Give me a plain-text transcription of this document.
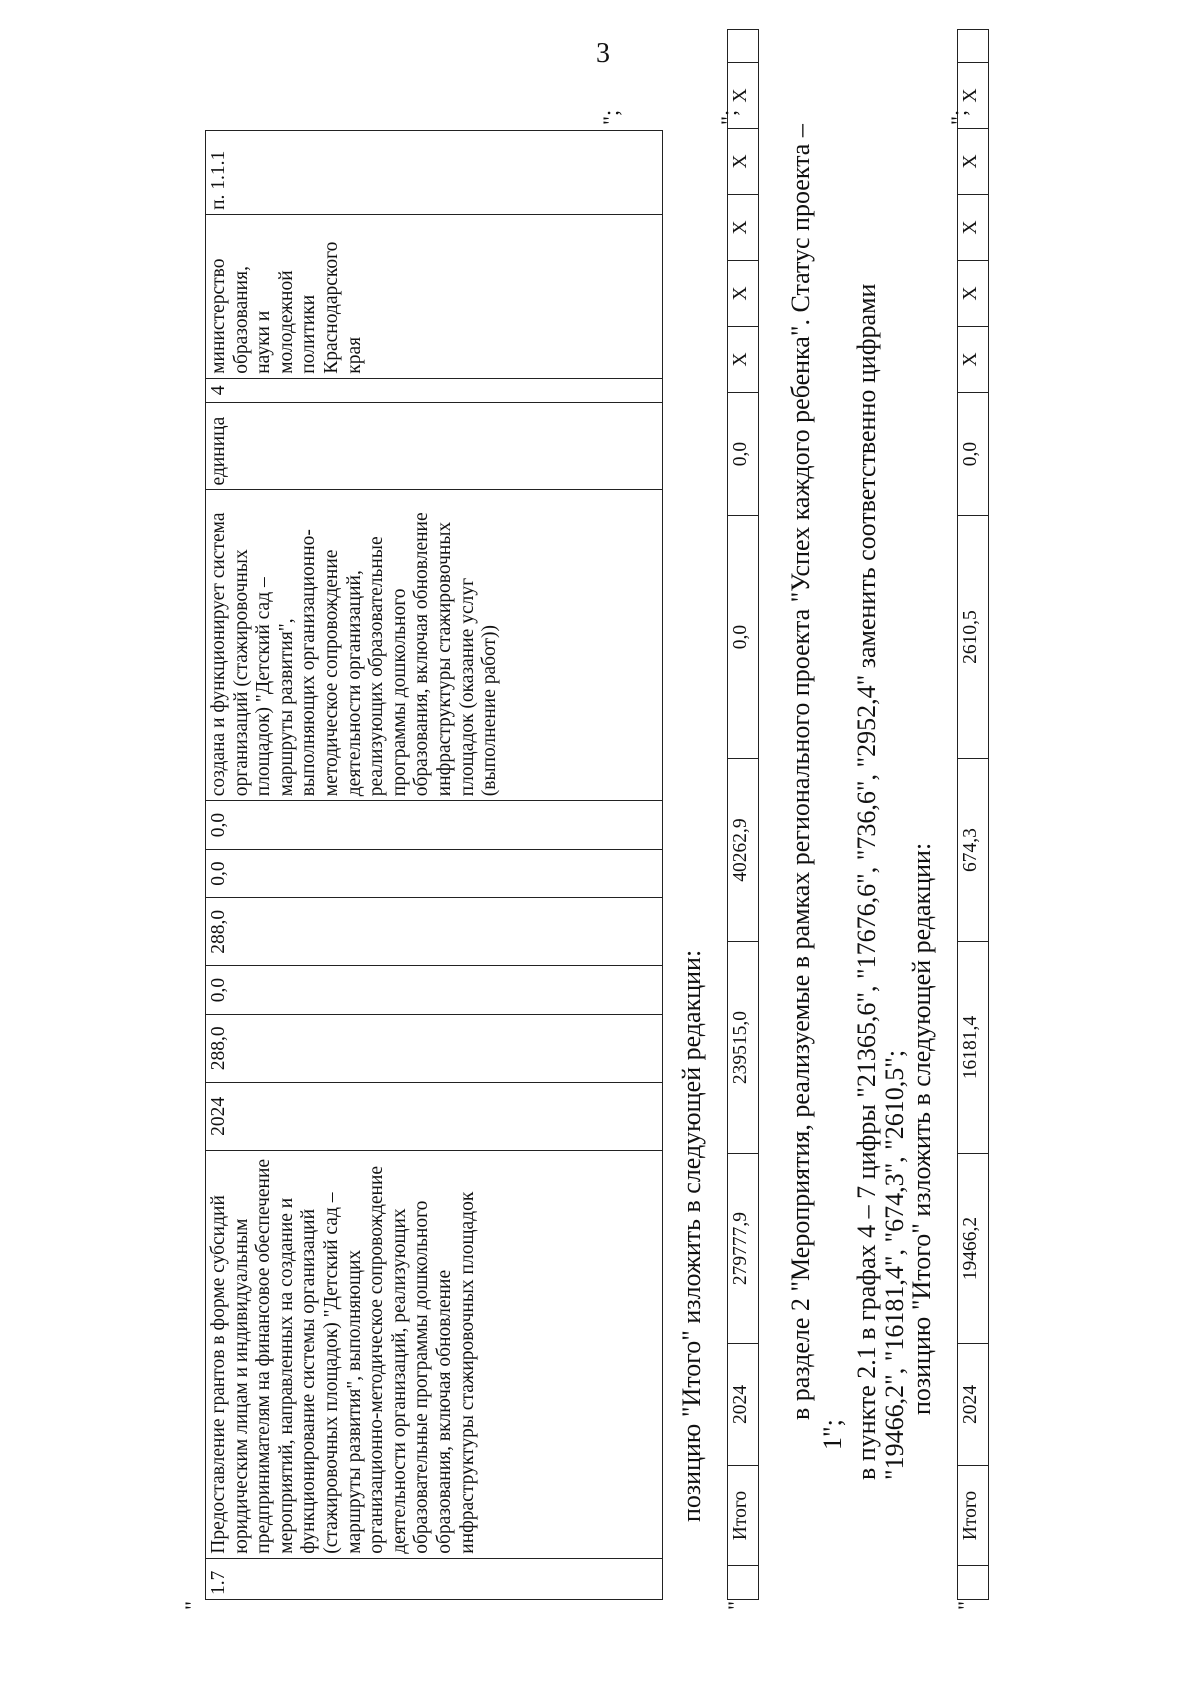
3
"
1.7	Предоставление грантов в форме субсидий юридическим лицам и индивидуальным предпринимателям на финансовое обеспечение мероприятий, направленных на создание и функционирование системы организаций (стажировочных площадок) "Детский сад – маршруты развития", выполняющих организационно-методическое сопровождение деятельности организаций, реализующих образовательные программы дошкольного образования, включая обновление инфраструктуры стажировочных площадок	2024	288,0	0,0	288,0	0,0	0,0	создана и функционирует система организаций (стажировочных площадок) "Детский сад – маршруты развития", выполняющих организационно-методическое сопровождение деятельности организаций, реализующих образовательные программы дошкольного образования, включая обновление инфраструктуры стажировочных площадок (оказание услуг (выполнение работ))	единица	4	министерство образования, науки и молодежной политики Краснодарского края	п. 1.1.1
";
позицию "Итого" изложить в следующей редакции:
"
	Итого	2024	279777,9	239515,0	40262,9	0,0	0,0	X	X	X	X	X	
";
в разделе 2 "Мероприятия, реализуемые в рамках регионального проекта "Успех каждого ребенка". Статус проекта –
1"; в пункте 2.1 в графах 4 – 7 цифры "21365,6", "17676,6", "736,6", "2952,4" заменить соответственно цифрами "19466,2", "16181,4", "674,3", "2610,5";
позицию "Итого" изложить в следующей редакции:
"
	Итого	2024	19466,2	16181,4	674,3	2610,5	0,0	X	X	X	X	X	
";
